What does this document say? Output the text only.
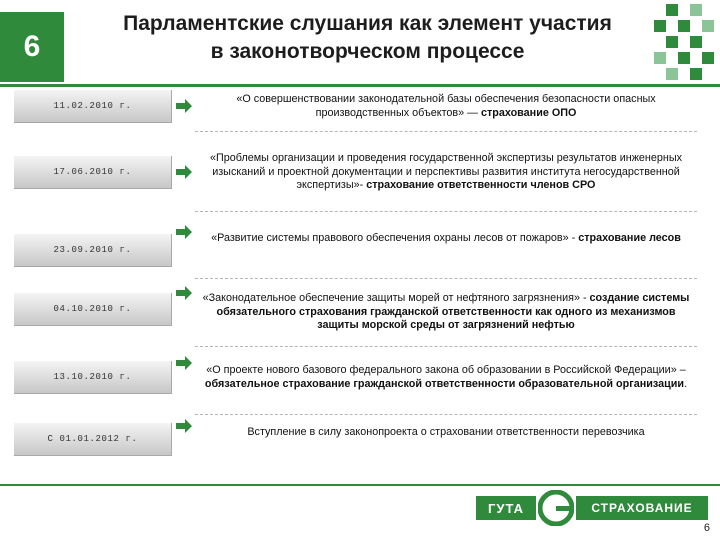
6
Парламентские слушания как элемент участия
в законотворческом процессе
11.02.2010 г.
«О совершенствовании законодательной базы обеспечения безопасности опасных производственных объектов» — страхование ОПО
17.06.2010 г.
«Проблемы организации и проведения государственной экспертизы результатов инженерных изысканий и проектной документации и перспективы развития института негосударственной экспертизы»- страхование ответственности членов СРО
23.09.2010 г.
«Развитие системы правового обеспечения охраны лесов от пожаров» - страхование лесов
04.10.2010 г.
«Законодательное обеспечение защиты морей от нефтяного загрязнения» - создание системы обязательного страхования гражданской ответственности как одного из механизмов защиты морской среды от загрязнений нефтью
13.10.2010 г.
«О проекте нового базового федерального закона об образовании в Российской Федерации» – обязательное страхование гражданской ответственности образовательной организации.
С 01.01.2012 г.
Вступление в силу законопроекта о страховании ответственности перевозчика
ГУТА	СТРАХОВАНИЕ
6
